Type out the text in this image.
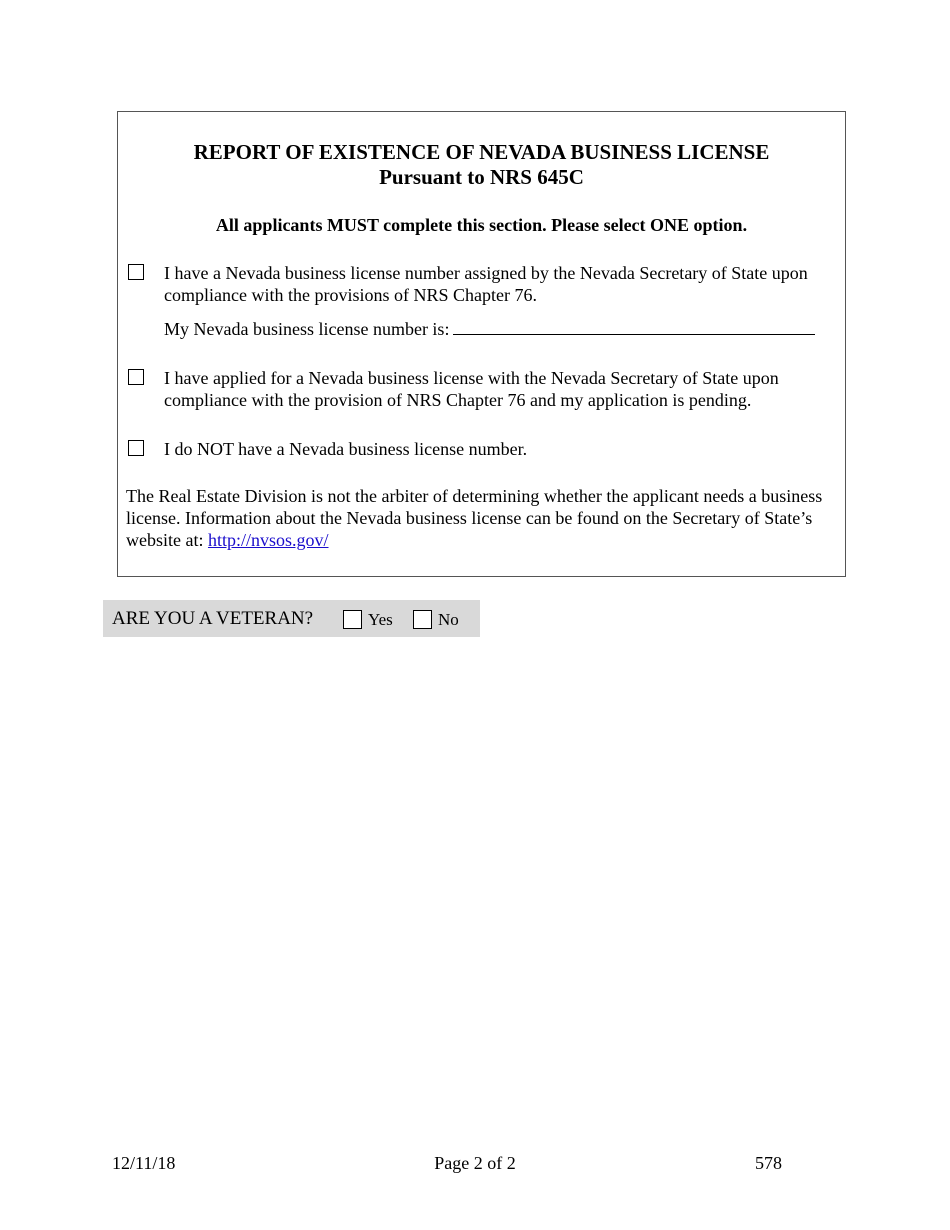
REPORT OF EXISTENCE OF NEVADA BUSINESS LICENSE
Pursuant to NRS 645C
All applicants MUST complete this section. Please select ONE option.
I have a Nevada business license number assigned by the Nevada Secretary of State upon compliance with the provisions of NRS Chapter 76.
My Nevada business license number is:
I have applied for a Nevada business license with the Nevada Secretary of State upon compliance with the provision of NRS Chapter 76 and my application is pending.
I do NOT have a Nevada business license number.
The Real Estate Division is not the arbiter of determining whether the applicant needs a business license. Information about the Nevada business license can be found on the Secretary of State’s website at: http://nvsos.gov/
ARE YOU A VETERAN?	Yes	No
12/11/18	Page 2 of 2	578
